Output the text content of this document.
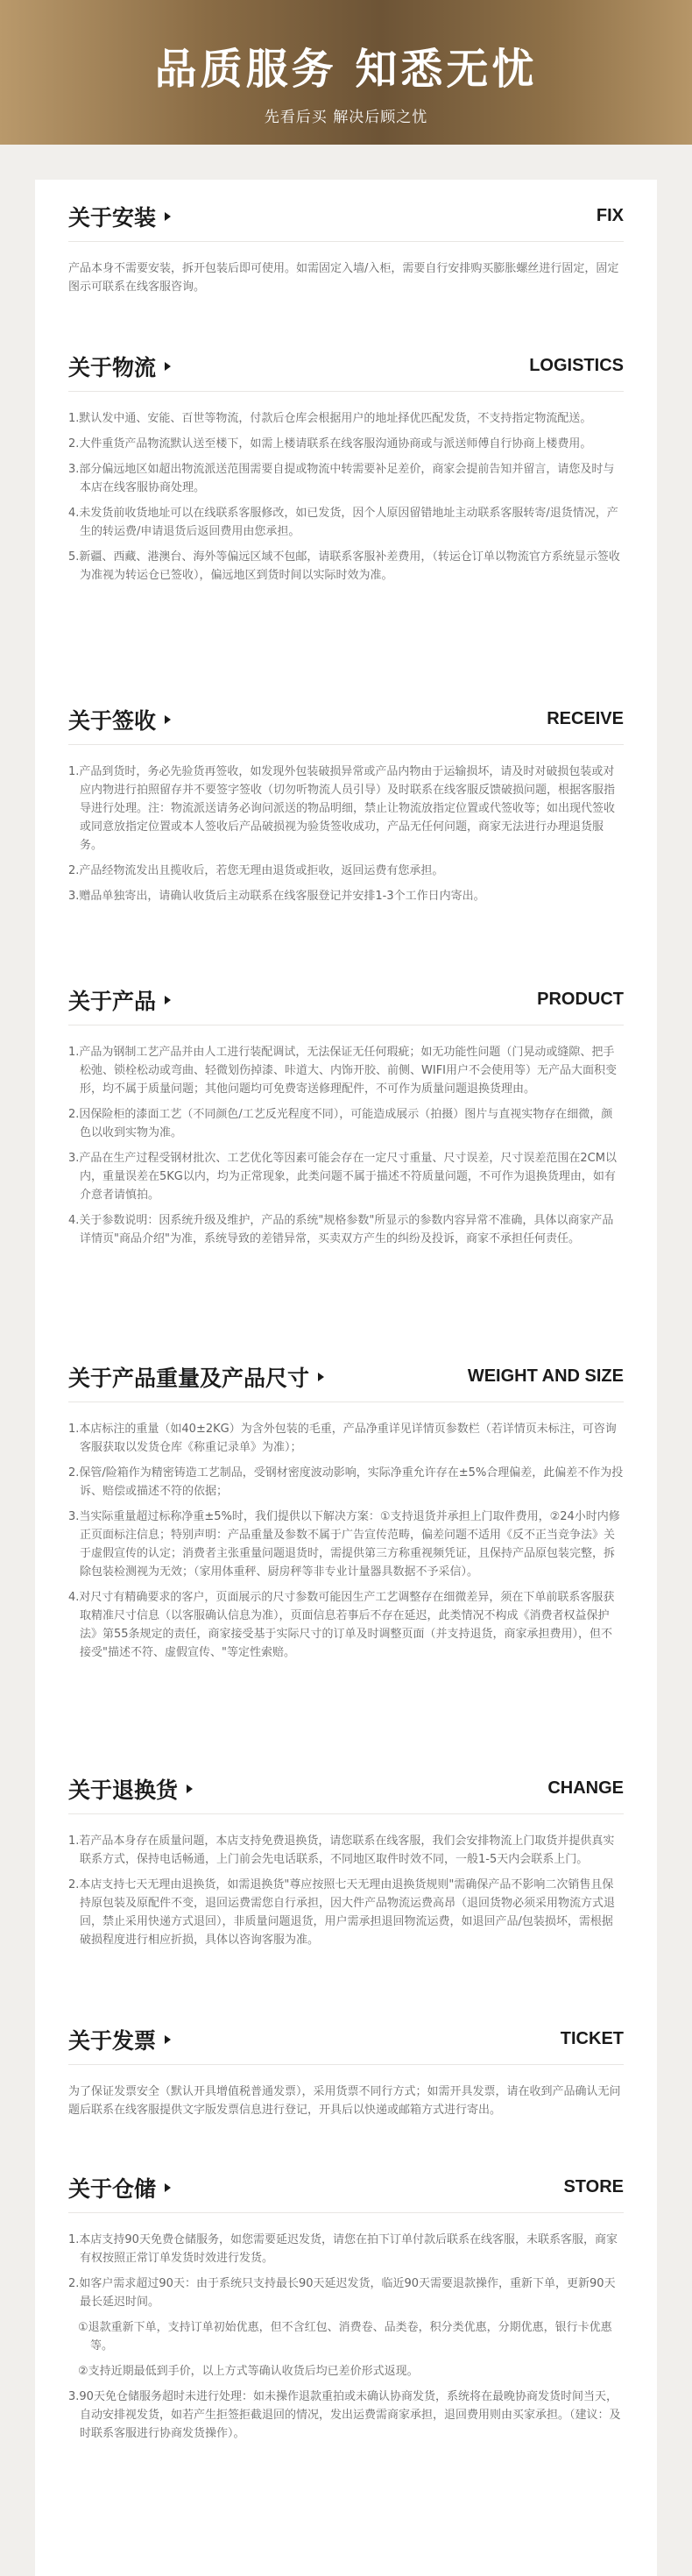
品质服务 知悉无忧
先看后买 解决后顾之忧
关于安装	FIX

产品本身不需要安装，拆开包装后即可使用。如需固定入墙/入柜，需要自行安排购买膨胀螺丝进行固定，固定图示可联系在线客服咨询。

关于物流	LOGISTICS

1.默认发中通、安能、百世等物流，付款后仓库会根据用户的地址择优匹配发货，不支持指定物流配送。

2.大件重货产品物流默认送至楼下，如需上楼请联系在线客服沟通协商或与派送师傅自行协商上楼费用。

3.部分偏远地区如超出物流派送范围需要自提或物流中转需要补足差价，商家会提前告知并留言，请您及时与本店在线客服协商处理。

4.未发货前收货地址可以在线联系客服修改，如已发货，因个人原因留错地址主动联系客服转寄/退货情况，产生的转运费/申请退货后返回费用由您承担。

5.新疆、西藏、港澳台、海外等偏远区域不包邮，请联系客服补差费用，（转运仓订单以物流官方系统显示签收为准视为转运仓已签收），偏远地区到货时间以实际时效为准。

关于签收	RECEIVE

1.产品到货时，务必先验货再签收，如发现外包装破损异常或产品内物由于运输损坏，请及时对破损包装或对应内物进行拍照留存并不要签字签收（切勿听物流人员引导）及时联系在线客服反馈破损问题，根据客服指导进行处理。注：物流派送请务必询问派送的物品明细，禁止让物流放指定位置或代签收等；如出现代签收或同意放指定位置或本人签收后产品破损视为验货签收成功，产品无任何问题，商家无法进行办理退货服务。

2.产品经物流发出且揽收后，若您无理由退货或拒收，返回运费有您承担。

3.赠品单独寄出，请确认收货后主动联系在线客服登记并安排1-3个工作日内寄出。

关于产品	PRODUCT

1.产品为钢制工艺产品并由人工进行装配调试，无法保证无任何瑕疵；如无功能性问题（门晃动或缝隙、把手松弛、锁栓松动或弯曲、轻微划伤掉漆、咔道大、内饰开胶、前侧、WIFI用户不会使用等）无产品大面积变形，均不属于质量问题；其他问题均可免费寄送修理配件，不可作为质量问题退换货理由。

2.因保险柜的漆面工艺（不同颜色/工艺反光程度不同），可能造成展示（拍摄）图片与直视实物存在细微，颜色以收到实物为准。

3.产品在生产过程受钢材批次、工艺优化等因素可能会存在一定尺寸重量、尺寸误差，尺寸误差范围在2CM以内，重量误差在5KG以内，均为正常现象，此类问题不属于描述不符质量问题，不可作为退换货理由，如有介意者请慎拍。

4.关于参数说明：因系统升级及维护，产品的系统"规格参数"所显示的参数内容异常不准确，具体以商家产品详情页"商品介绍"为准，系统导致的差错异常，买卖双方产生的纠纷及投诉，商家不承担任何责任。

关于产品重量及产品尺寸	WEIGHT AND SIZE

1.本店标注的重量（如40±2KG）为含外包装的毛重，产品净重详见详情页参数栏（若详情页未标注，可咨询客服获取以发货仓库《称重记录单》为准）；

2.保管/险箱作为精密铸造工艺制品，受钢材密度波动影响，实际净重允许存在±5%合理偏差，此偏差不作为投诉、赔偿或描述不符的依据；

3.当实际重量超过标称净重±5%时，我们提供以下解决方案：①支持退货并承担上门取件费用，②24小时内修正页面标注信息；特别声明：产品重量及参数不属于广告宣传范畴，偏差问题不适用《反不正当竞争法》关于虚假宣传的认定；消费者主张重量问题退货时，需提供第三方称重视频凭证，且保持产品原包装完整，拆除包装检测视为无效；（家用体重秤、厨房秤等非专业计量器具数据不予采信）。

4.对尺寸有精确要求的客户，页面展示的尺寸参数可能因生产工艺调整存在细微差异，须在下单前联系客服获取精准尺寸信息（以客服确认信息为准），页面信息若事后不存在延迟，此类情况不构成《消费者权益保护法》第55条规定的责任，商家接受基于实际尺寸的订单及时调整页面（并支持退货，商家承担费用），但不接受"描述不符、虚假宣传、"等定性索赔。

关于退换货	CHANGE

1.若产品本身存在质量问题，本店支持免费退换货，请您联系在线客服，我们会安排物流上门取货并提供真实联系方式，保持电话畅通，上门前会先电话联系，不同地区取件时效不同，一般1-5天内会联系上门。

2.本店支持七天无理由退换货，如需退换货"尊应按照七天无理由退换货规则"需确保产品不影响二次销售且保持原包装及原配件不变，退回运费需您自行承担，因大件产品物流运费高昂（退回货物必须采用物流方式退回，禁止采用快递方式退回），非质量问题退货，用户需承担退回物流运费，如退回产品/包装损坏，需根据破损程度进行相应折损，具体以咨询客服为准。

关于发票	TICKET

为了保证发票安全（默认开具增值税普通发票），采用货票不同行方式；如需开具发票，请在收到产品确认无问题后联系在线客服提供文字版发票信息进行登记，开具后以快递或邮箱方式进行寄出。

关于仓储	STORE

1.本店支持90天免费仓储服务，如您需要延迟发货，请您在拍下订单付款后联系在线客服，未联系客服，商家有权按照正常订单发货时效进行发货。

2.如客户需求超过90天：由于系统只支持最长90天延迟发货，临近90天需要退款操作，重新下单，更新90天最长延迟时间。

①退款重新下单，支持订单初始优惠，但不含红包、消费卷、品类卷，积分类优惠，分期优惠，银行卡优惠等。

②支持近期最低到手价，以上方式等确认收货后均已差价形式返现。

3.90天免仓储服务超时未进行处理：如未操作退款重拍或未确认协商发货，系统将在最晚协商发货时间当天，自动安排视发货，如若产生拒签拒截退回的情况，发出运费需商家承担，退回费用则由买家承担。（建议：及时联系客服进行协商发货操作）。
